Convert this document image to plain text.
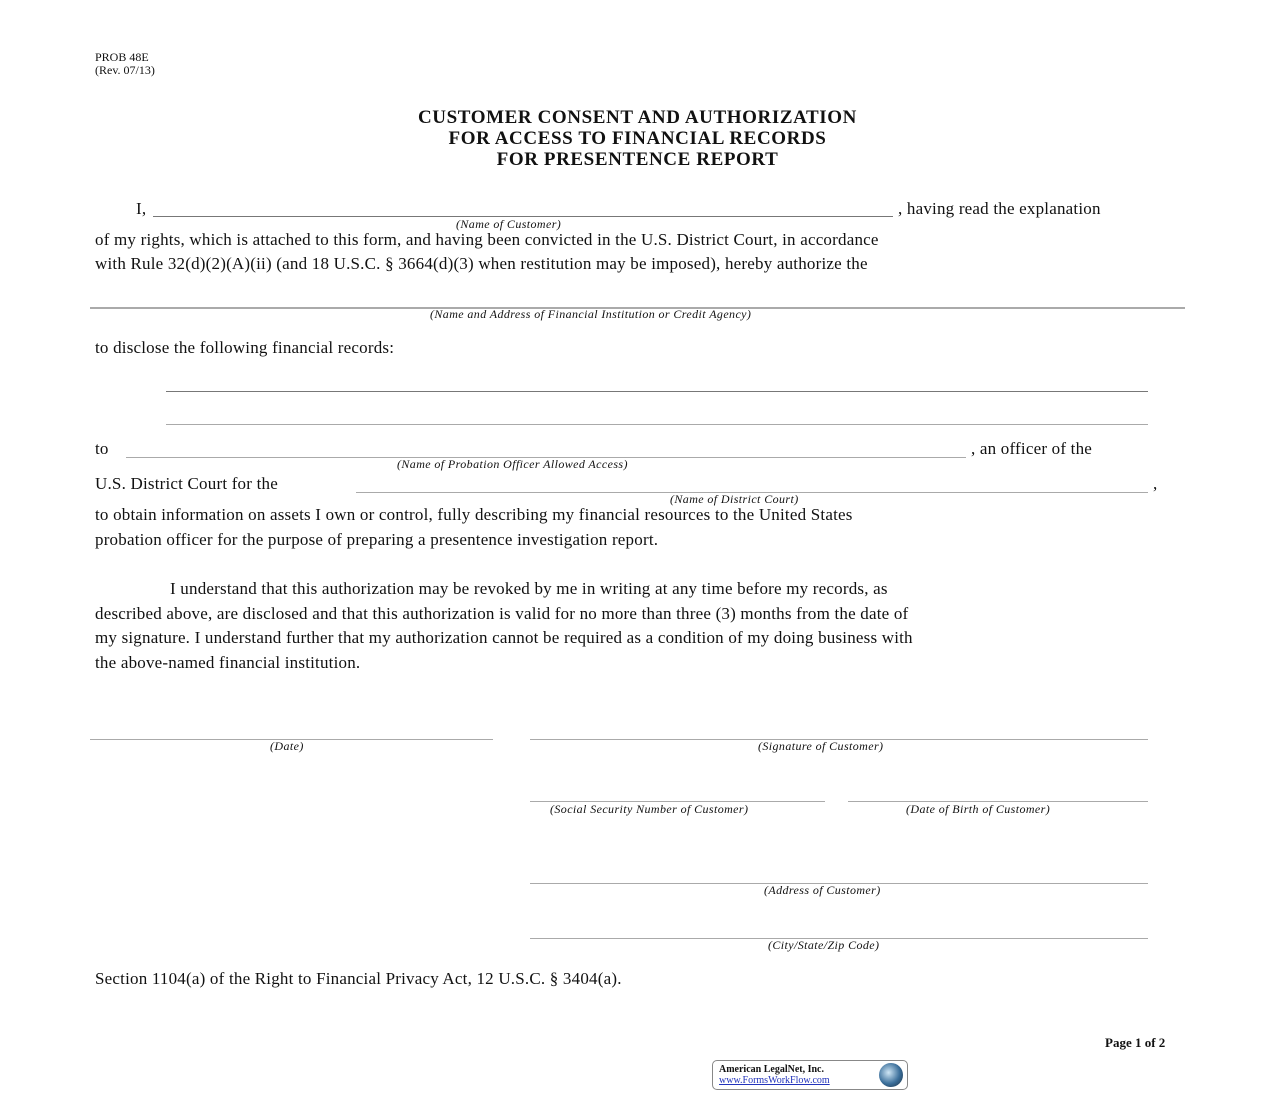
PROB 48E
(Rev. 07/13)
CUSTOMER CONSENT AND AUTHORIZATION
FOR ACCESS TO FINANCIAL RECORDS
FOR PRESENTENCE REPORT
I,	, having read the explanation
(Name of Customer)
of my rights, which is attached to this form, and having been convicted in the U.S. District Court, in accordance
with Rule 32(d)(2)(A)(ii) (and 18 U.S.C. § 3664(d)(3) when restitution may be imposed), hereby authorize the
(Name and Address of Financial Institution or Credit Agency)
to disclose the following financial records:
to	, an officer of the
(Name of Probation Officer Allowed Access)
U.S. District Court for the	,
(Name of District Court)
to obtain information on assets I own or control, fully describing my financial resources to the United States
probation officer for the purpose of preparing a presentence investigation report.
I understand that this authorization may be revoked by me in writing at any time before my records, as
described above, are disclosed and that this authorization is valid for no more than three (3) months from the date of
my signature. I understand further that my authorization cannot be required as a condition of my doing business with
the above-named financial institution.
(Date)	(Signature of Customer)
(Social Security Number of Customer)	(Date of Birth of Customer)
(Address of Customer)
(City/State/Zip Code)
Section 1104(a) of the Right to Financial Privacy Act, 12 U.S.C. § 3404(a).
Page 1 of 2
American LegalNet, Inc.
www.FormsWorkFlow.com
